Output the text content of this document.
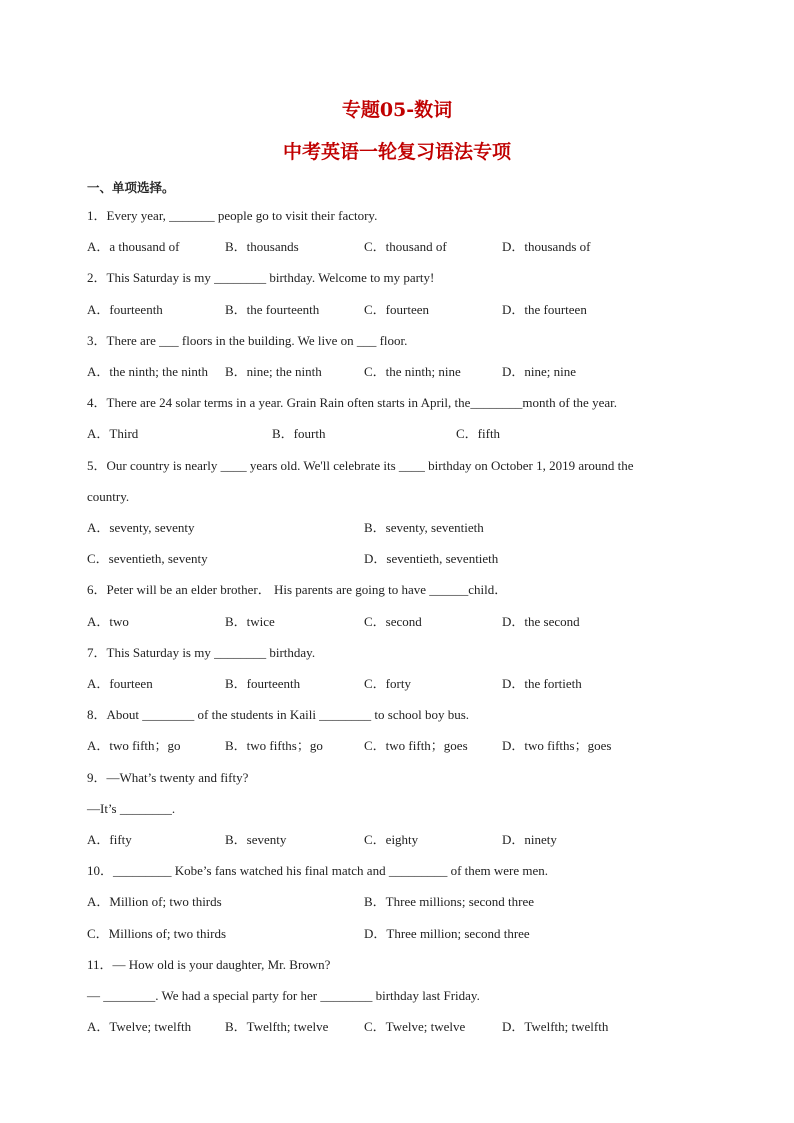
专题05-数词
中考英语一轮复习语法专项
一、单项选择。
1．Every year, _______ people go to visit their factory.
A．a thousand of	B．thousands	C．thousand of	D．thousands of
2．This Saturday is my ________ birthday. Welcome to my party!
A．fourteenth	B．the fourteenth	C．fourteen	D．the fourteen
3．There are ___ floors in the building. We live on ___ floor.
A．the ninth; the ninth B．nine; the ninth	C．the ninth; nine	D．nine; nine
4．There are 24 solar terms in a year. Grain Rain often starts in April, the________month of the year.
A．Third	B．fourth	C．fifth
5．Our country is nearly ____ years old. We'll celebrate its ____ birthday on October 1, 2019 around the
country.
A．seventy, seventy	B．seventy, seventieth
C．seventieth, seventy	D．seventieth, seventieth
6．Peter will be an elder brother． His parents are going to have ______child．
A．two	B．twice	C．second	D．the second
7．This Saturday is my ________ birthday.
A．fourteen	B．fourteenth	C．forty	D．the fortieth
8．About ________ of the students in Kaili ________ to school boy bus.
A．two fifth；go	B．two fifths；go	C．two fifth；goes	D．two fifths；goes
9．—What’s twenty and fifty?
—It’s ________.
A．fifty	B．seventy	C．eighty	D．ninety
10．_________ Kobe’s fans watched his final match and _________ of them were men.
A．Million of; two thirds	B．Three millions; second three
C．Millions of; two thirds	D．Three million; second three
11．— How old is your daughter, Mr. Brown?
— ________. We had a special party for her ________ birthday last Friday.
A．Twelve; twelfth	B．Twelfth; twelve	C．Twelve; twelve	D．Twelfth; twelfth
